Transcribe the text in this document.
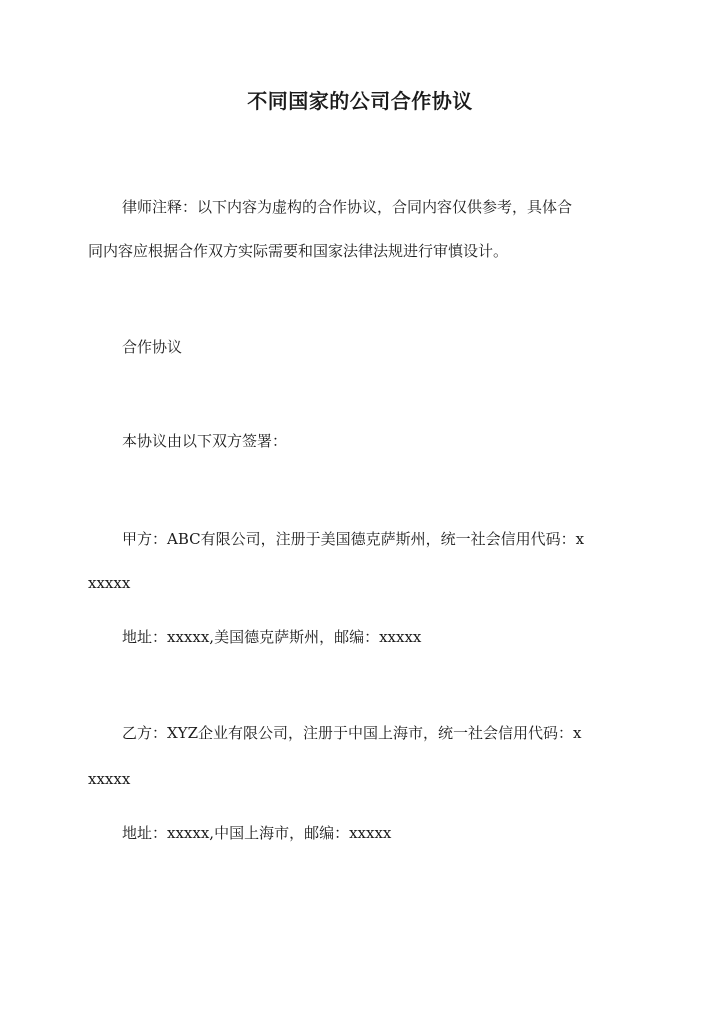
不同国家的公司合作协议
律师注释：以下内容为虚构的合作协议，合同内容仅供参考，具体合
同内容应根据合作双方实际需要和国家法律法规进行审慎设计。
合作协议
本协议由以下双方签署：
甲方：ABC有限公司，注册于美国德克萨斯州，统一社会信用代码：x
xxxxx
地址：xxxxx,美国德克萨斯州，邮编：xxxxx
乙方：XYZ企业有限公司，注册于中国上海市，统一社会信用代码：x
xxxxx
地址：xxxxx,中国上海市，邮编：xxxxx
